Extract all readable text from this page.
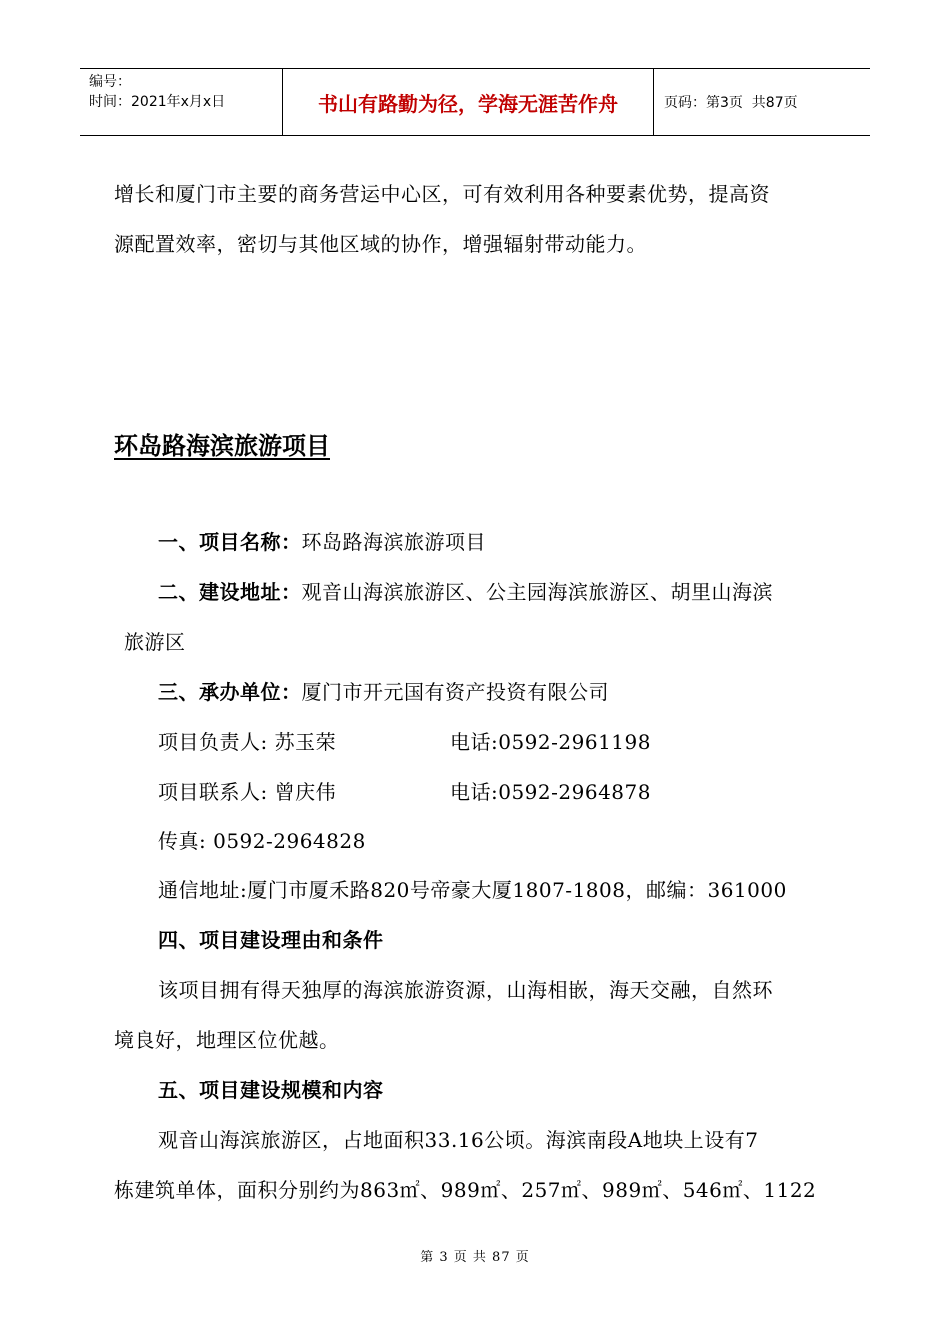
编号：
时间：2021年x月x日	书山有路勤为径，学海无涯苦作舟	页码：第3页  共87页
增长和厦门市主要的商务营运中心区，可有效利用各种要素优势，提高资
源配置效率，密切与其他区域的协作，增强辐射带动能力。
环岛路海滨旅游项目
一、项目名称：环岛路海滨旅游项目
二、建设地址：观音山海滨旅游区、公主园海滨旅游区、胡里山海滨
旅游区
三、承办单位：厦门市开元国有资产投资有限公司
项目负责人: 苏玉荣	电话:0592-2961198
项目联系人: 曾庆伟	电话:0592-2964878
传真: 0592-2964828
通信地址:厦门市厦禾路820号帝豪大厦1807-1808，邮编：361000
四、项目建设理由和条件
该项目拥有得天独厚的海滨旅游资源，山海相嵌，海天交融，自然环
境良好，地理区位优越。
五、项目建设规模和内容
观音山海滨旅游区，占地面积33.16公顷。海滨南段A地块上设有7
栋建筑单体，面积分别约为863㎡、989㎡、257㎡、989㎡、546㎡、1122
第 3 页 共 87 页
